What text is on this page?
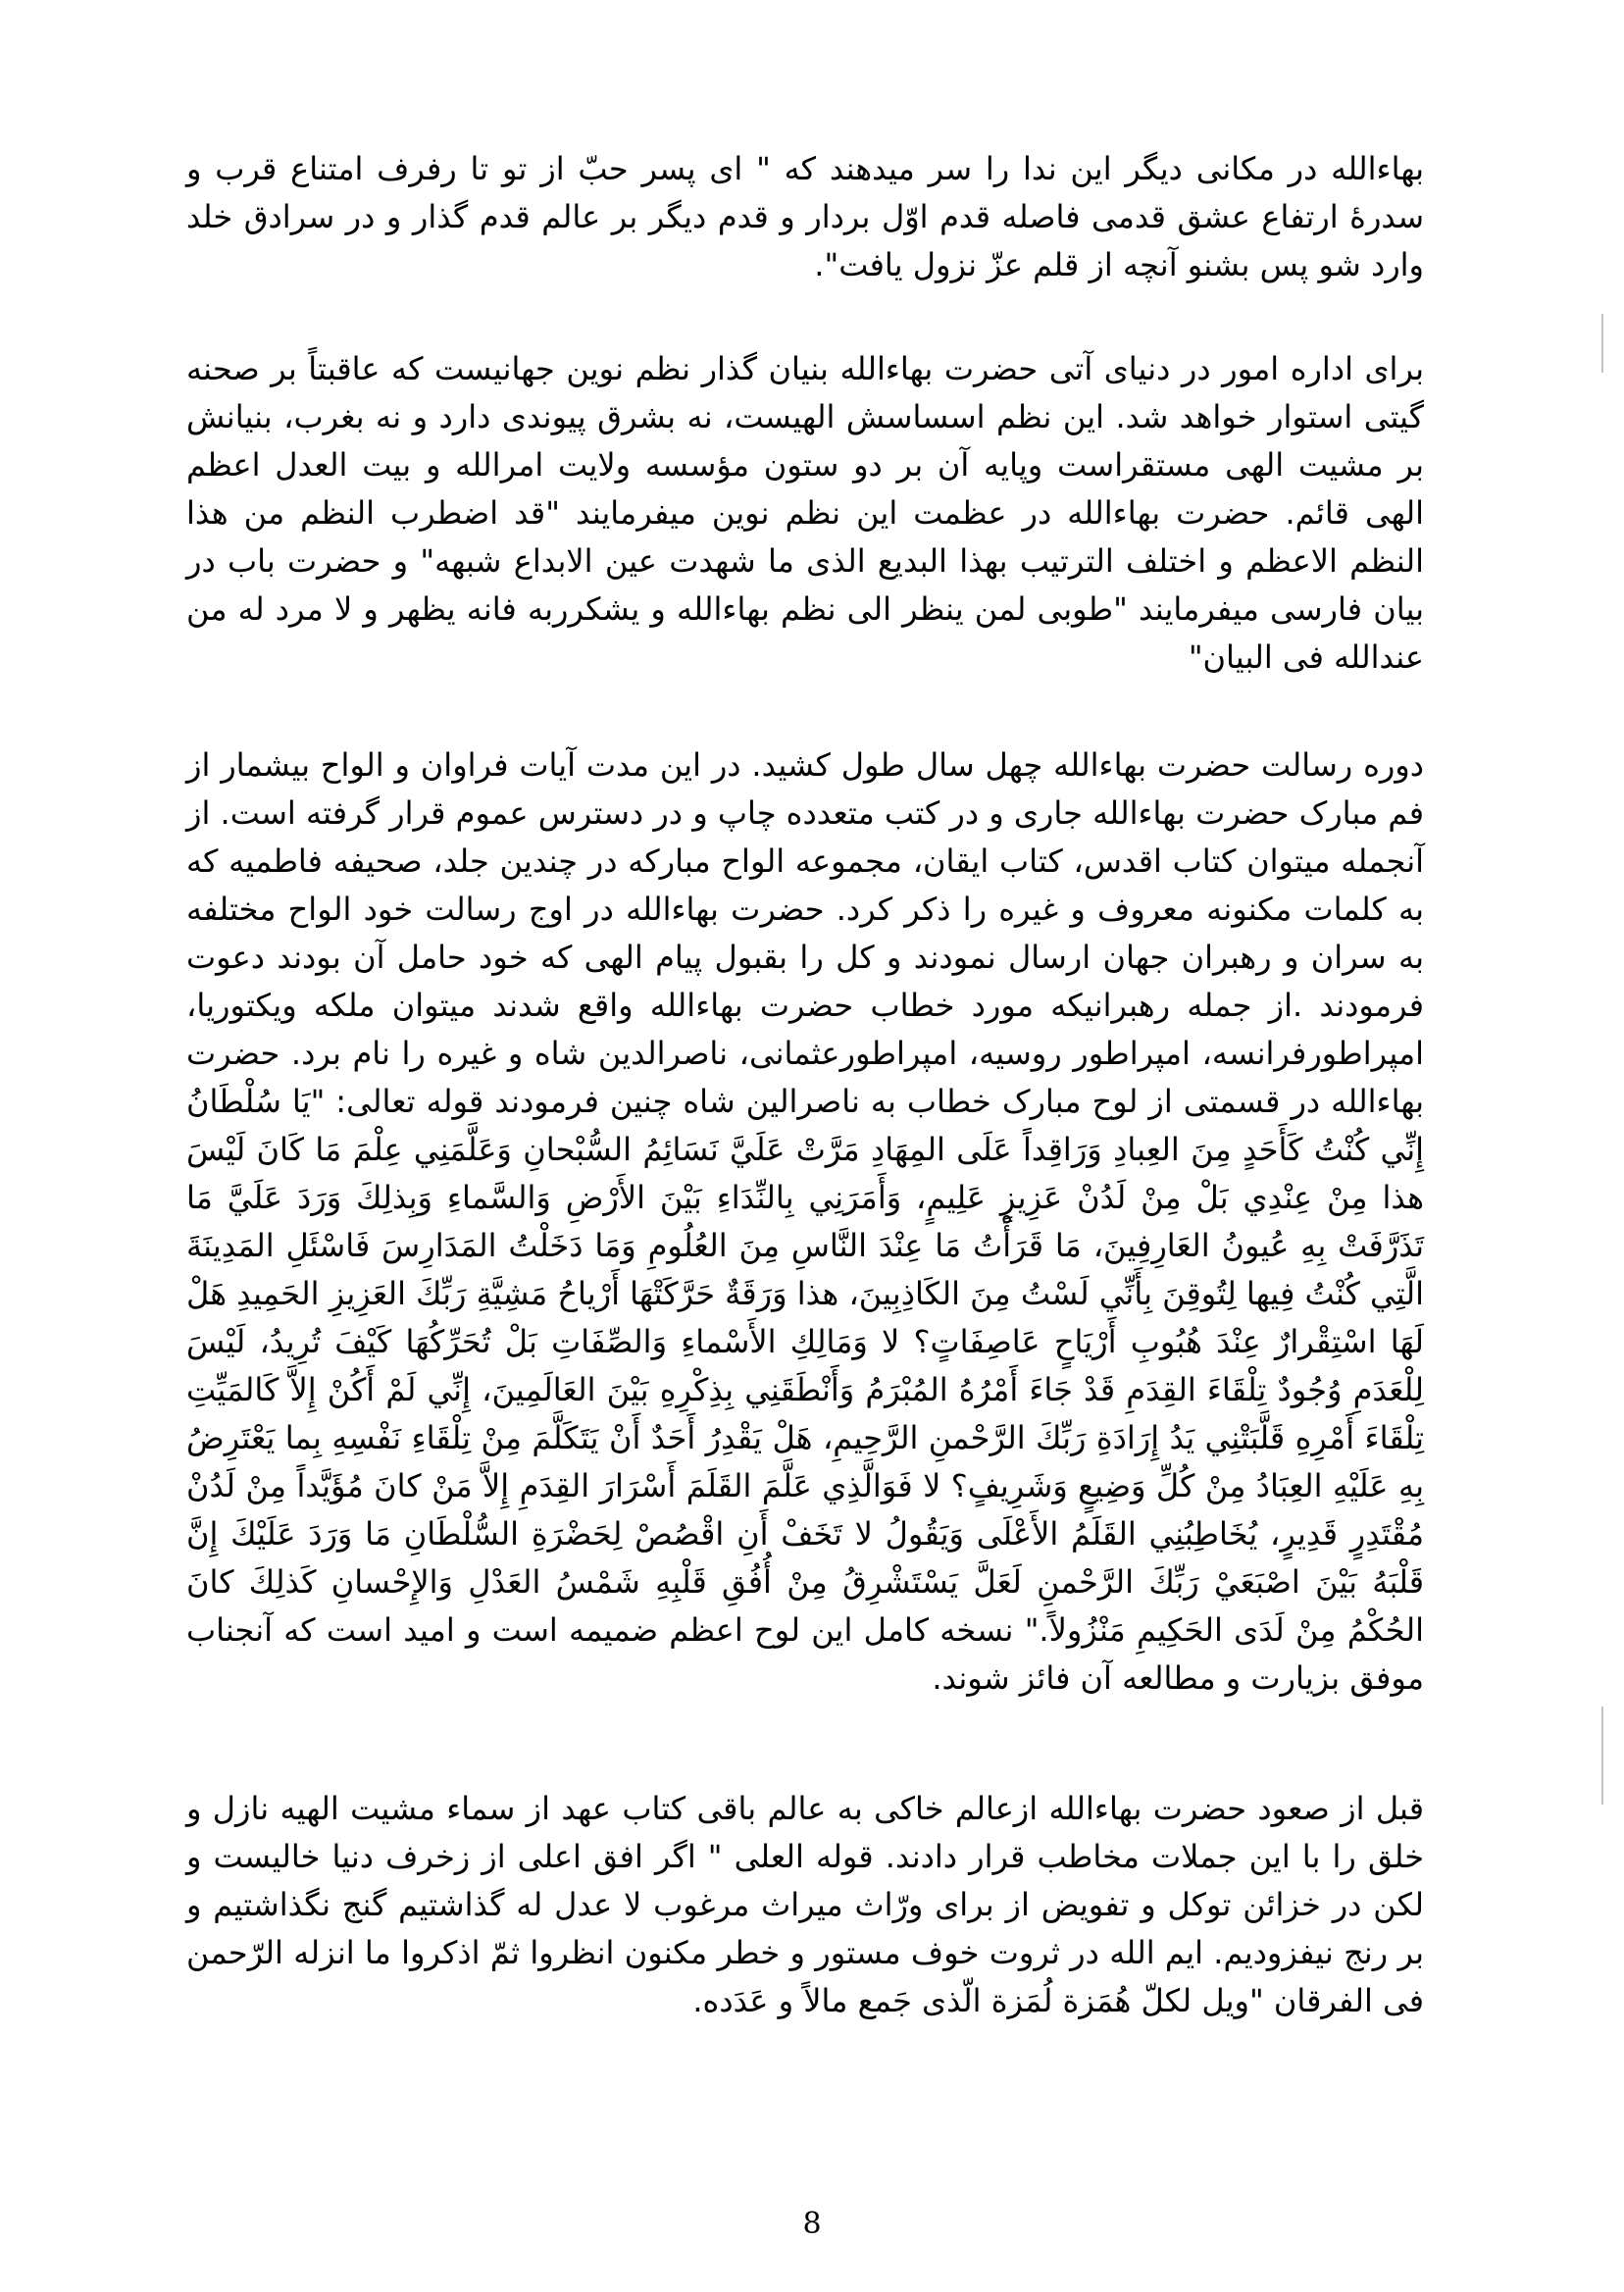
بهاءالله در مکانی دیگر این ندا را سر میدهند که " ای پسر حبّ از تو تا رفرف امتناع قرب و سدرۀ ارتفاع عشق قدمی فاصله قدم اوّل بردار و قدم دیگر بر عالم قدم گذار و در سرادق خلد وارد شو پس بشنو آنچه از قلم عزّ نزول یافت".

برای اداره امور در دنیای آتی حضرت بهاءالله بنیان گذار نظم نوین جهانیست که عاقبتاً بر صحنه گیتی استوار خواهد شد. این نظم اسساسش الهیست، نه بشرق پیوندی دارد و نه بغرب، بنیانش بر مشیت الهی مستقراست وپایه آن بر دو ستون مؤسسه ولایت امرالله و بیت العدل اعظم الهی قائم. حضرت بهاءالله در عظمت این نظم نوین میفرمایند "قد اضطرب النظم من هذا النظم الاعظم و اختلف الترتیب بهذا البدیع الذی ما شهدت عین الابداع شبهه" و حضرت باب در بیان فارسی میفرمایند "طوبی لمن ینظر الی نظم بهاءالله و یشکرربه فانه یظهر و لا مرد له من عندالله فی البیان"

دوره رسالت حضرت بهاءالله چهل سال طول کشید. در این مدت آیات فراوان و الواح بیشمار از فم مبارک حضرت بهاءالله جاری و در کتب متعدده چاپ و در دسترس عموم قرار گرفته است. از آنجمله میتوان کتاب اقدس، کتاب ایقان، مجموعه الواح مبارکه در چندین جلد، صحیفه فاطمیه که به کلمات مکنونه معروف و غیره را ذکر کرد. حضرت بهاءالله در اوج رسالت خود الواح مختلفه به سران و رهبران جهان ارسال نمودند و کل را بقبول پیام الهی که خود حامل آن بودند دعوت فرمودند .از جمله رهبرانیکه مورد خطاب حضرت بهاءالله واقع شدند میتوان ملکه ویکتوریا، امپراطورفرانسه، امپراطور روسیه، امپراطورعثمانی، ناصرالدین شاه و غیره را نام برد. حضرت بهاءالله در قسمتی از لوح مبارک خطاب به ناصرالین شاه چنین فرمودند قوله تعالی: "یَا سُلْطَانُ إِنِّي كُنْتُ كَأَحَدٍ مِنَ العِبادِ وَرَاقِداً عَلَى المِهَادِ مَرَّتْ عَلَيَّ نَسَائِمُ السُّبْحانِ وَعَلَّمَنِي عِلْمَ مَا كَانَ لَيْسَ هذا مِنْ عِنْدِي بَلْ مِنْ لَدُنْ عَزِيزٍ عَلِيمٍ، وَأَمَرَنِي بِالنِّدَاءِ بَيْنَ الأَرْضِ وَالسَّماءِ وَبِذلِكَ وَرَدَ عَلَيَّ مَا تَذَرَّفَتْ بِهِ عُيونُ العَارِفِينَ، مَا قَرَأْتُ مَا عِنْدَ النَّاسِ مِنَ العُلُومِ وَمَا دَخَلْتُ المَدَارِسَ فَاسْئَلِ المَدِينَةَ الَّتِي كُنْتُ فِيها لِتُوقِنَ بِأَنِّي لَسْتُ مِنَ الكَاذِبِينَ، هذا وَرَقَةٌ حَرَّكَتْهَا أَرْياحُ مَشِيَّةِ رَبِّكَ العَزِيزِ الحَمِيدِ هَلْ لَهَا اسْتِقْرارٌ عِنْدَ هُبُوبِ أَرْيَاحٍ عَاصِفَاتٍ؟ لا وَمَالِكِ الأَسْماءِ وَالصِّفَاتِ بَلْ تُحَرِّكُهَا كَيْفَ تُرِيدُ، لَيْسَ لِلْعَدَمِ وُجُودٌ تِلْقَاءَ القِدَمِ قَدْ جَاءَ أَمْرُهُ المُبْرَمُ وَأَنْطَقَنِي بِذِكْرِهِ بَيْنَ العَالَمِينَ، إِنِّي لَمْ أَكُنْ إِلاَّ كَالمَيِّتِ تِلْقَاءَ أَمْرِهِ قَلَّبَتْنِي يَدُ إِرَادَةِ رَبِّكَ الرَّحْمنِ الرَّحِيمِ، هَلْ يَقْدِرُ أَحَدٌ أَنْ يَتَكَلَّمَ مِنْ تِلْقَاءِ نَفْسِهِ بِما يَعْتَرِضُ بِهِ عَلَيْهِ العِبَادُ مِنْ كُلِّ وَضِيعٍ وَشَرِيفٍ؟ لا فَوَالَّذِي عَلَّمَ القَلَمَ أَسْرَارَ القِدَمِ إِلاَّ مَنْ كانَ مُؤَيَّداً مِنْ لَدُنْ مُقْتَدِرٍ قَدِيرٍ، يُخَاطِبُنِي القَلَمُ الأَعْلَى وَيَقُولُ لا تَخَفْ أَنِ اقْصُصْ لِحَضْرَةِ السُّلْطَانِ مَا وَرَدَ عَلَيْكَ إِنَّ قَلْبَهُ بَيْنَ اصْبَعَيْ رَبِّكَ الرَّحْمنِ لَعَلَّ يَسْتَشْرِقُ مِنْ أُفُقِ قَلْبِهِ شَمْسُ العَدْلِ وَالإِحْسانِ كَذلِكَ كانَ الحُكْمُ مِنْ لَدَى الحَكِيمِ مَنْزُولاً." نسخه کامل این لوح اعظم ضمیمه است و امید است که آنجناب موفق بزیارت و مطالعه آن فائز شوند.

قبل از صعود حضرت بهاءالله ازعالم خاکی به عالم باقی کتاب عهد از سماء مشیت الهیه نازل و خلق را با این جملات مخاطب قرار دادند. قوله العلی " اگر افق اعلی از زخرف دنیا خالیست و لکن در خزائن توکل و تفویض از برای ورّاث میراث مرغوب لا عدل له گذاشتیم گنج نگذاشتیم و بر رنج نیفزودیم. ایم الله در ثروت خوف مستور و خطر مکنون انظروا ثمّ اذکروا ما انزله الرّحمن فی الفرقان "ویل لکلّ هُمَزة لُمَزة الّذی جَمع مالاً و عَدَده.

8
